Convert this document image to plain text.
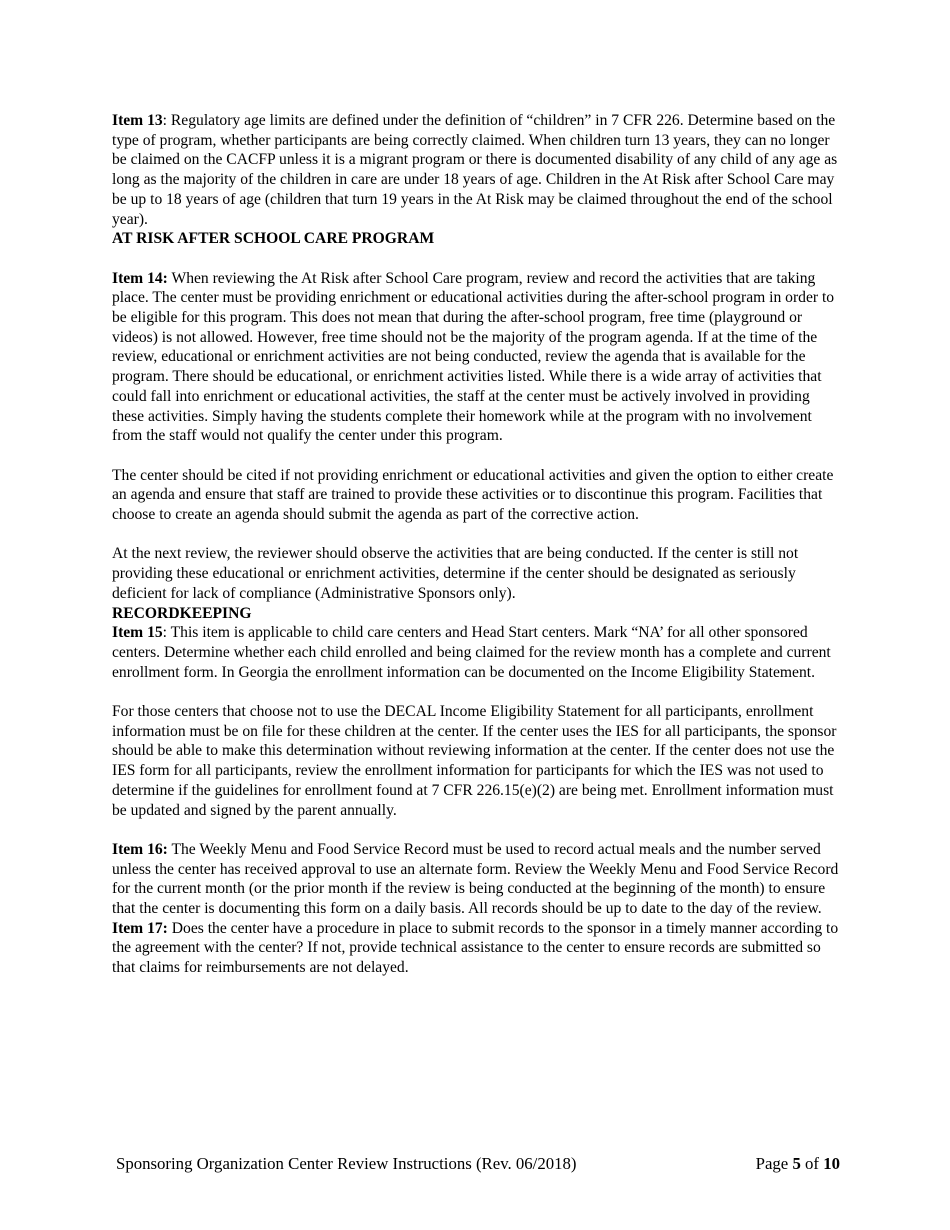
Item 13: Regulatory age limits are defined under the definition of “children” in 7 CFR 226. Determine based on the type of program, whether participants are being correctly claimed. When children turn 13 years, they can no longer be claimed on the CACFP unless it is a migrant program or there is documented disability of any child of any age as long as the majority of the children in care are under 18 years of age. Children in the At Risk after School Care may be up to 18 years of age (children that turn 19 years in the At Risk may be claimed throughout the end of the school year).

AT RISK AFTER SCHOOL CARE PROGRAM

Item 14: When reviewing the At Risk after School Care program, review and record the activities that are taking place. The center must be providing enrichment or educational activities during the after-school program in order to be eligible for this program. This does not mean that during the after-school program, free time (playground or videos) is not allowed. However, free time should not be the majority of the program agenda. If at the time of the review, educational or enrichment activities are not being conducted, review the agenda that is available for the program. There should be educational, or enrichment activities listed. While there is a wide array of activities that could fall into enrichment or educational activities, the staff at the center must be actively involved in providing these activities. Simply having the students complete their homework while at the program with no involvement from the staff would not qualify the center under this program.

The center should be cited if not providing enrichment or educational activities and given the option to either create an agenda and ensure that staff are trained to provide these activities or to discontinue this program. Facilities that choose to create an agenda should submit the agenda as part of the corrective action.

At the next review, the reviewer should observe the activities that are being conducted. If the center is still not providing these educational or enrichment activities, determine if the center should be designated as seriously deficient for lack of compliance (Administrative Sponsors only).

RECORDKEEPING

Item 15: This item is applicable to child care centers and Head Start centers. Mark “NA’ for all other sponsored centers. Determine whether each child enrolled and being claimed for the review month has a complete and current enrollment form. In Georgia the enrollment information can be documented on the Income Eligibility Statement.

For those centers that choose not to use the DECAL Income Eligibility Statement for all participants, enrollment information must be on file for these children at the center. If the center uses the IES for all participants, the sponsor should be able to make this determination without reviewing information at the center. If the center does not use the IES form for all participants, review the enrollment information for participants for which the IES was not used to determine if the guidelines for enrollment found at 7 CFR 226.15(e)(2) are being met. Enrollment information must be updated and signed by the parent annually.

Item 16: The Weekly Menu and Food Service Record must be used to record actual meals and the number served unless the center has received approval to use an alternate form. Review the Weekly Menu and Food Service Record for the current month (or the prior month if the review is being conducted at the beginning of the month) to ensure that the center is documenting this form on a daily basis. All records should be up to date to the day of the review.

Item 17: Does the center have a procedure in place to submit records to the sponsor in a timely manner according to the agreement with the center? If not, provide technical assistance to the center to ensure records are submitted so that claims for reimbursements are not delayed.

Sponsoring Organization Center Review Instructions (Rev. 06/2018)	Page 5 of 10
